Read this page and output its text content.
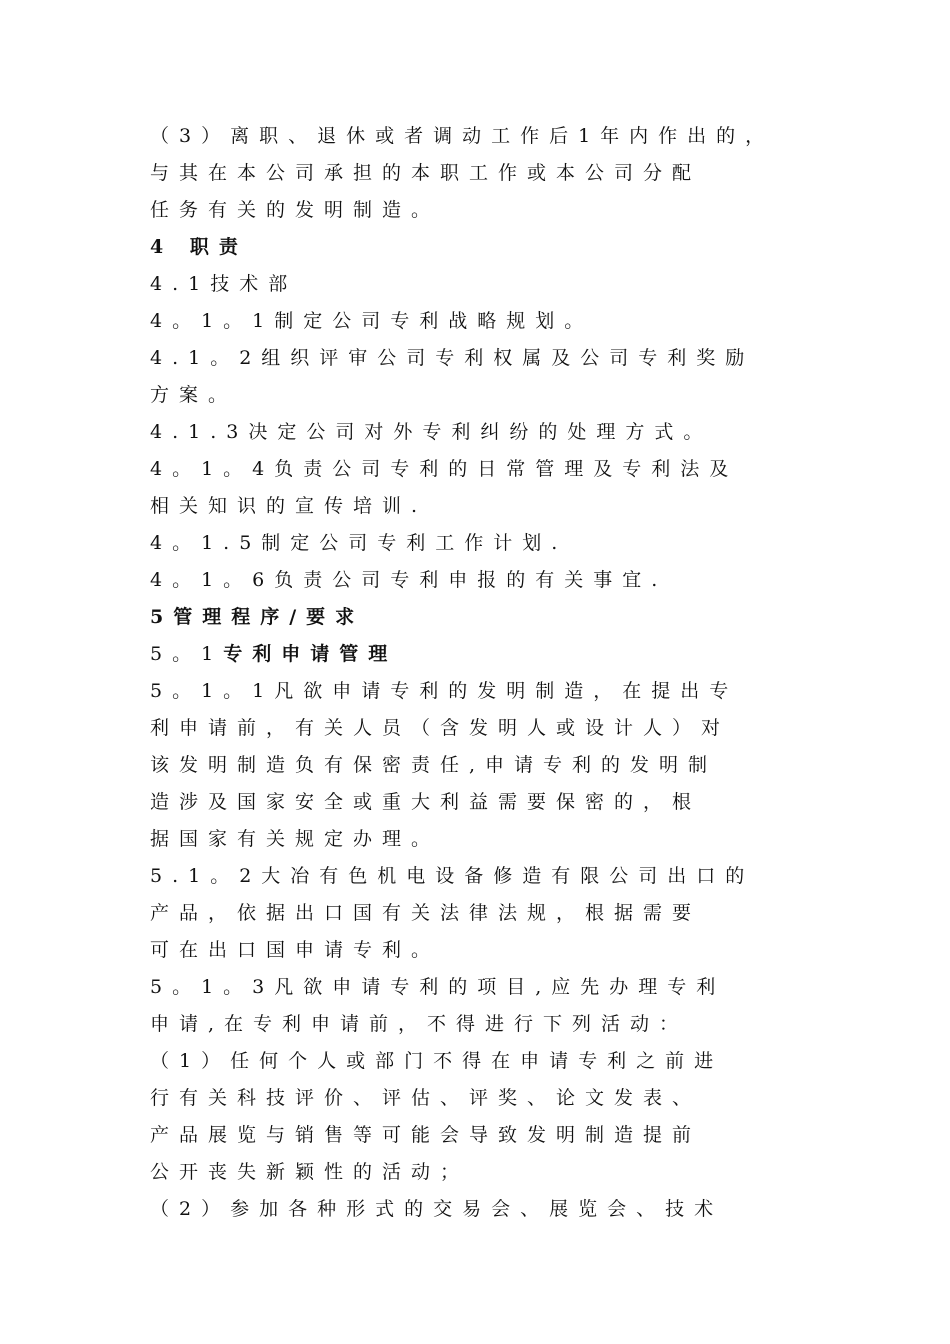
（3）离职、退休或者调动工作后1年内作出的，
与其在本公司承担的本职工作或本公司分配
任务有关的发明制造。
4 职责
4.1技术部
4。1。1制定公司专利战略规划。
4.1。2组织评审公司专利权属及公司专利奖励
方案。
4.1.3决定公司对外专利纠纷的处理方式。
4。1。4负责公司专利的日常管理及专利法及
相关知识的宣传培训.
4。1.5制定公司专利工作计划.
4。1。6负责公司专利申报的有关事宜.
5管理程序/要求
5。1专利申请管理
5。1。1凡欲申请专利的发明制造，在提出专
利申请前，有关人员（含发明人或设计人）对
该发明制造负有保密责任,申请专利的发明制
造涉及国家安全或重大利益需要保密的，根
据国家有关规定办理。
5.1。2大冶有色机电设备修造有限公司出口的
产品，依据出口国有关法律法规，根据需要
可在出口国申请专利。
5。1。3凡欲申请专利的项目,应先办理专利
申请,在专利申请前，不得进行下列活动：
（1）任何个人或部门不得在申请专利之前进
行有关科技评价、评估、评奖、论文发表、
产品展览与销售等可能会导致发明制造提前
公开丧失新颖性的活动；
（2）参加各种形式的交易会、展览会、技术
